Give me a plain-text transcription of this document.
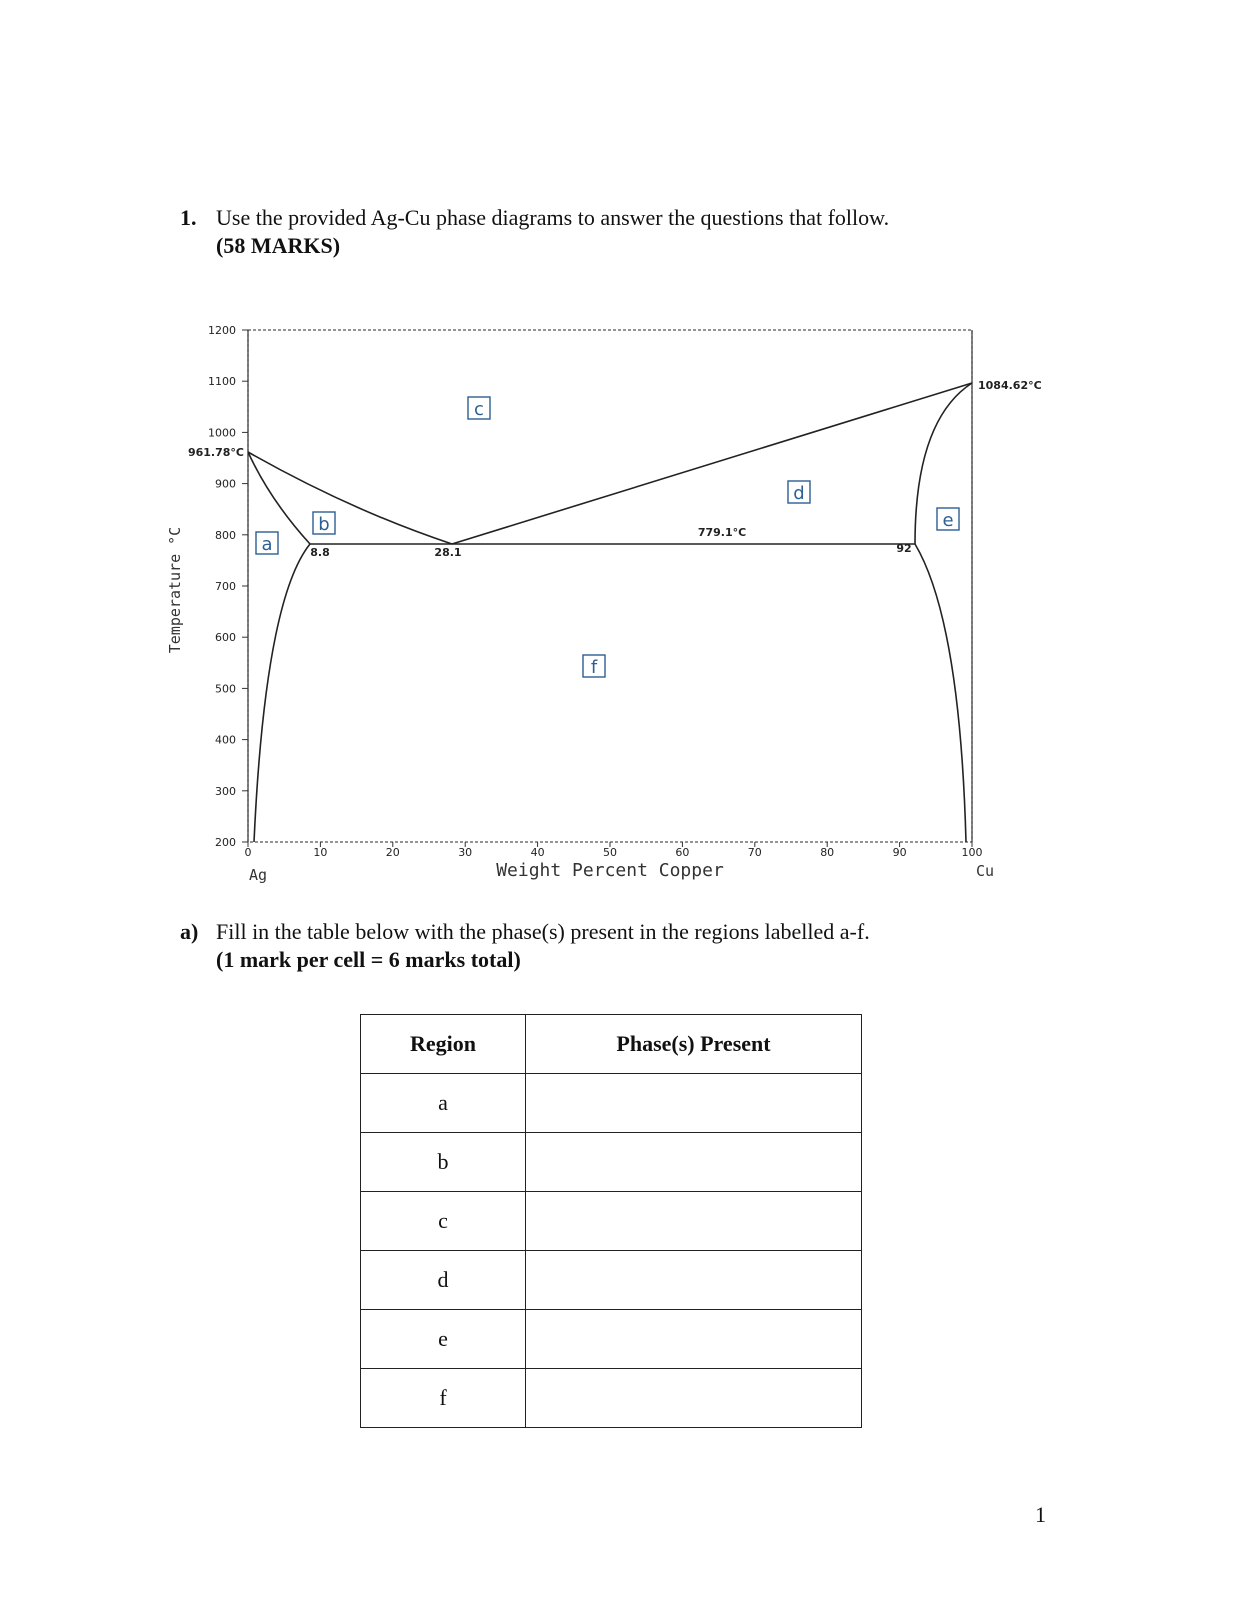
1. Use the provided Ag-Cu phase diagrams to answer the questions that follow.
(58 MARKS)
1200
1100
1000
900
800
700
600
500
400
300
200
0	10	20	30	40	50	60	70	80	90	100
Temperature °C
Weight Percent Copper
Ag	Cu
961.78°C
1084.62°C
779.1°C
8.8	28.1	92
a
b
c
d
e
f
a) Fill in the table below with the phase(s) present in the regions labelled a-f.
(1 mark per cell = 6 marks total)
Region	Phase(s) Present
a	
b	
c	
d	
e	
f	
1
